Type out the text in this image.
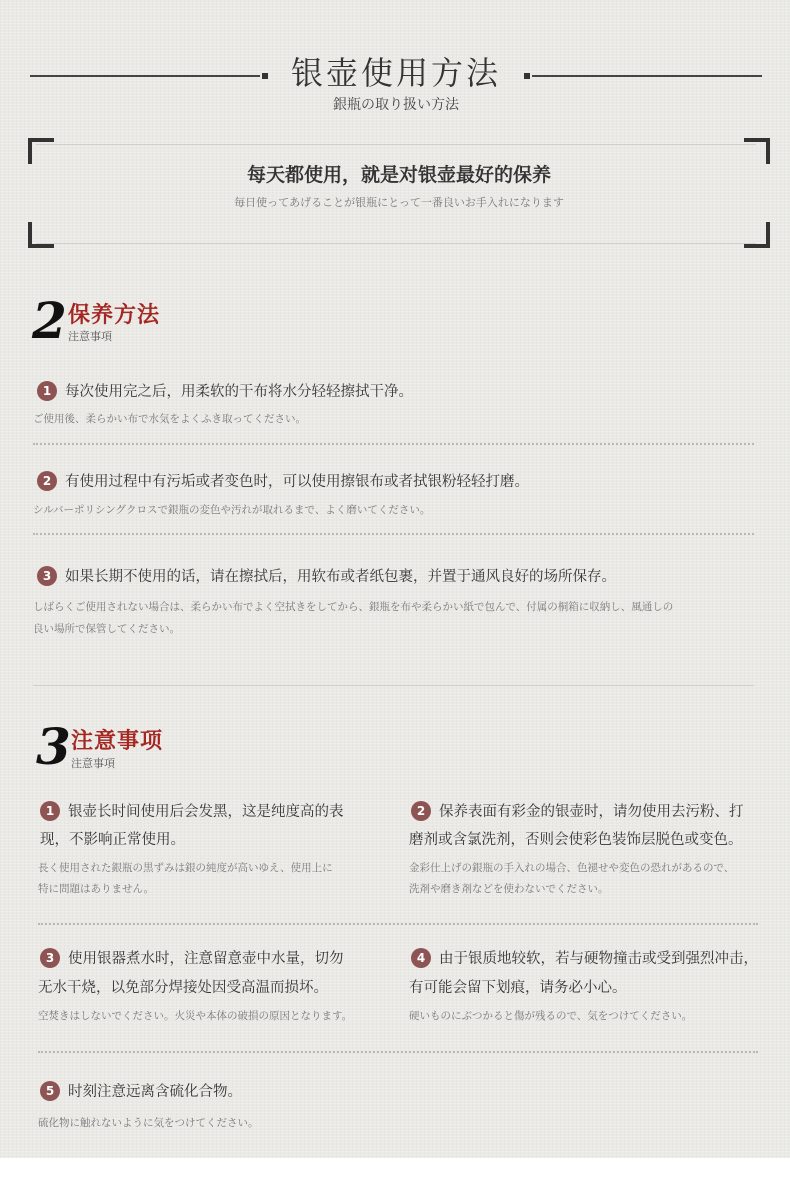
银壶使用方法
銀瓶の取り扱い方法
每天都使用，就是对银壶最好的保养
毎日使ってあげることが银瓶にとって一番良いお手入れになります
2 保养方法
注意事項
1 每次使用完之后，用柔软的干布将水分轻轻擦拭干净。
ご使用後、柔らかい布で水気をよくふき取ってください。
2 有使用过程中有污垢或者变色时，可以使用擦银布或者拭银粉轻轻打磨。
シルバーポリシングクロスで銀瓶の変色や汚れが取れるまで、よく磨いてください。
3 如果长期不使用的话，请在擦拭后，用软布或者纸包裹，并置于通风良好的场所保存。
しばらくご使用されない場合は、柔らかい布でよく空拭きをしてから、銀瓶を布や柔らかい紙で包んで、付属の桐箱に収納し、風通しの
良い場所で保管してください。
3 注意事项
注意事項
1 银壶长时间使用后会发黑，这是纯度高的表
现，不影响正常使用。
長く使用された銀瓶の黒ずみは銀の純度が高いゆえ、使用上に
特に問題はありません。
2 保养表面有彩金的银壶时，请勿使用去污粉、打
磨剂或含氯洗剂，否则会使彩色装饰层脱色或变色。
金彩仕上げの銀瓶の手入れの場合、色褪せや変色の恐れがあるので、
洗剤や磨き剤などを使わないでください。
3 使用银器煮水时，注意留意壶中水量，切勿
无水干烧，以免部分焊接处因受高温而损坏。
空焚きはしないでください。火災や本体の破損の原因となります。
4 由于银质地较软，若与硬物撞击或受到强烈冲击，
有可能会留下划痕，请务必小心。
硬いものにぶつかると傷が残るので、気をつけてください。
5 时刻注意远离含硫化合物。
硫化物に触れないように気をつけてください。
